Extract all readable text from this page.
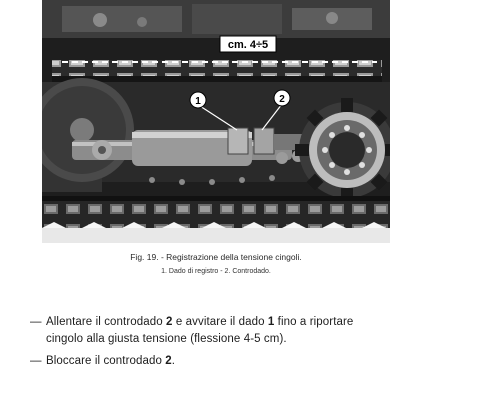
cm. 4÷5
1	2
Fig. 19. - Registrazione della tensione cingoli.
1. Dado di registro - 2. Controdado.
— Allentare il controdado 2 e avvitare il dado 1 fino a riportare
cingolo alla giusta tensione (flessione 4-5 cm).
— Bloccare il controdado 2.
